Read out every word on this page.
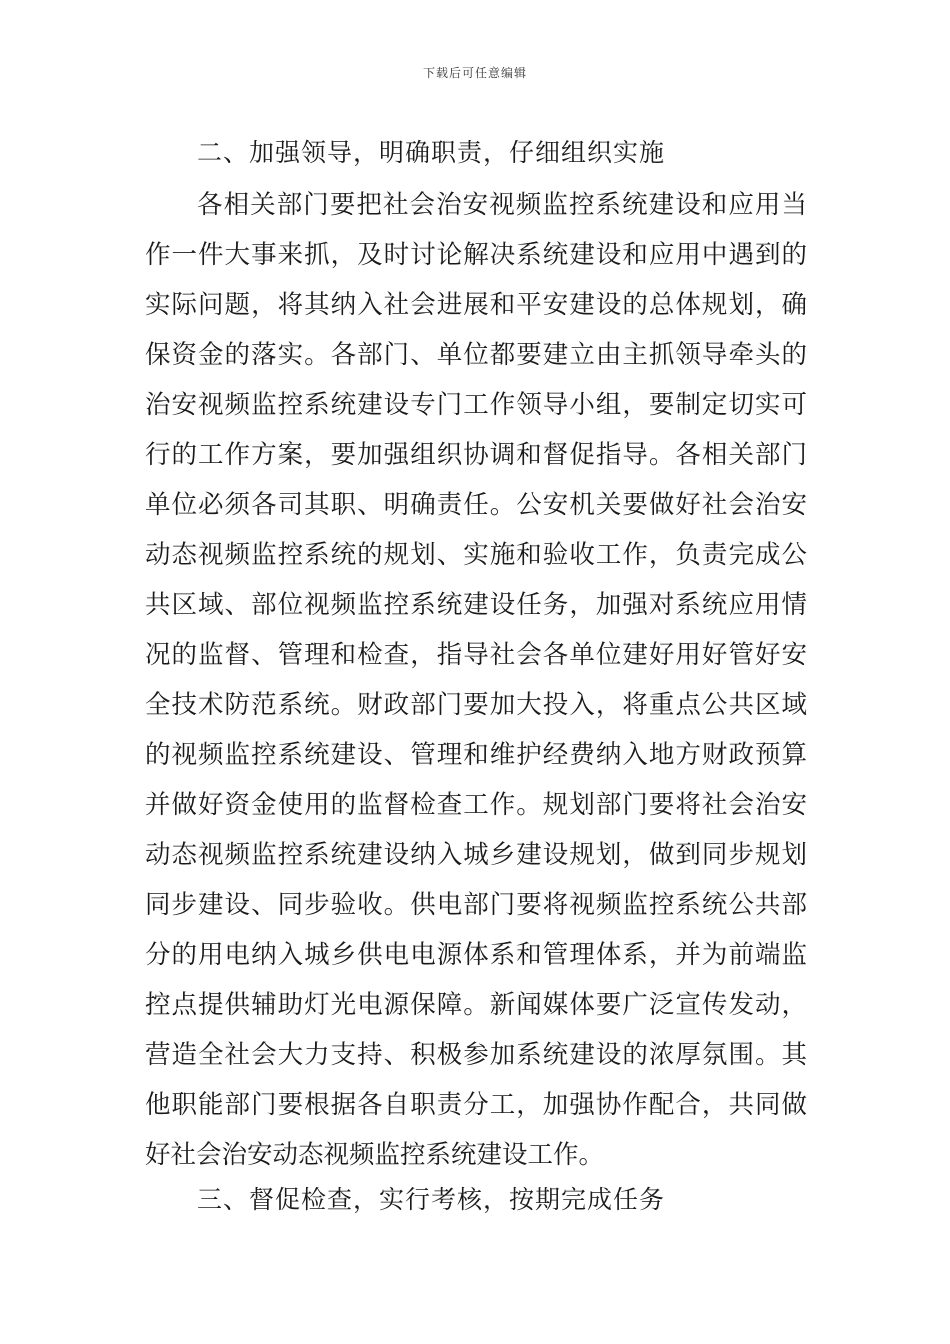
下载后可任意编辑
二、加强领导，明确职责，仔细组织实施

各相关部门要把社会治安视频监控系统建设和应用当作一件大事来抓，及时讨论解决系统建设和应用中遇到的实际问题，将其纳入社会进展和平安建设的总体规划，确保资金的落实。各部门、单位都要建立由主抓领导牵头的治安视频监控系统建设专门工作领导小组，要制定切实可行的工作方案，要加强组织协调和督促指导。各相关部门单位必须各司其职、明确责任。公安机关要做好社会治安动态视频监控系统的规划、实施和验收工作，负责完成公共区域、部位视频监控系统建设任务，加强对系统应用情况的监督、管理和检查，指导社会各单位建好用好管好安全技术防范系统。财政部门要加大投入，将重点公共区域的视频监控系统建设、管理和维护经费纳入地方财政预算并做好资金使用的监督检查工作。规划部门要将社会治安动态视频监控系统建设纳入城乡建设规划，做到同步规划同步建设、同步验收。供电部门要将视频监控系统公共部分的用电纳入城乡供电电源体系和管理体系，并为前端监控点提供辅助灯光电源保障。新闻媒体要广泛宣传发动，营造全社会大力支持、积极参加系统建设的浓厚氛围。其他职能部门要根据各自职责分工，加强协作配合，共同做好社会治安动态视频监控系统建设工作。

三、督促检查，实行考核，按期完成任务
